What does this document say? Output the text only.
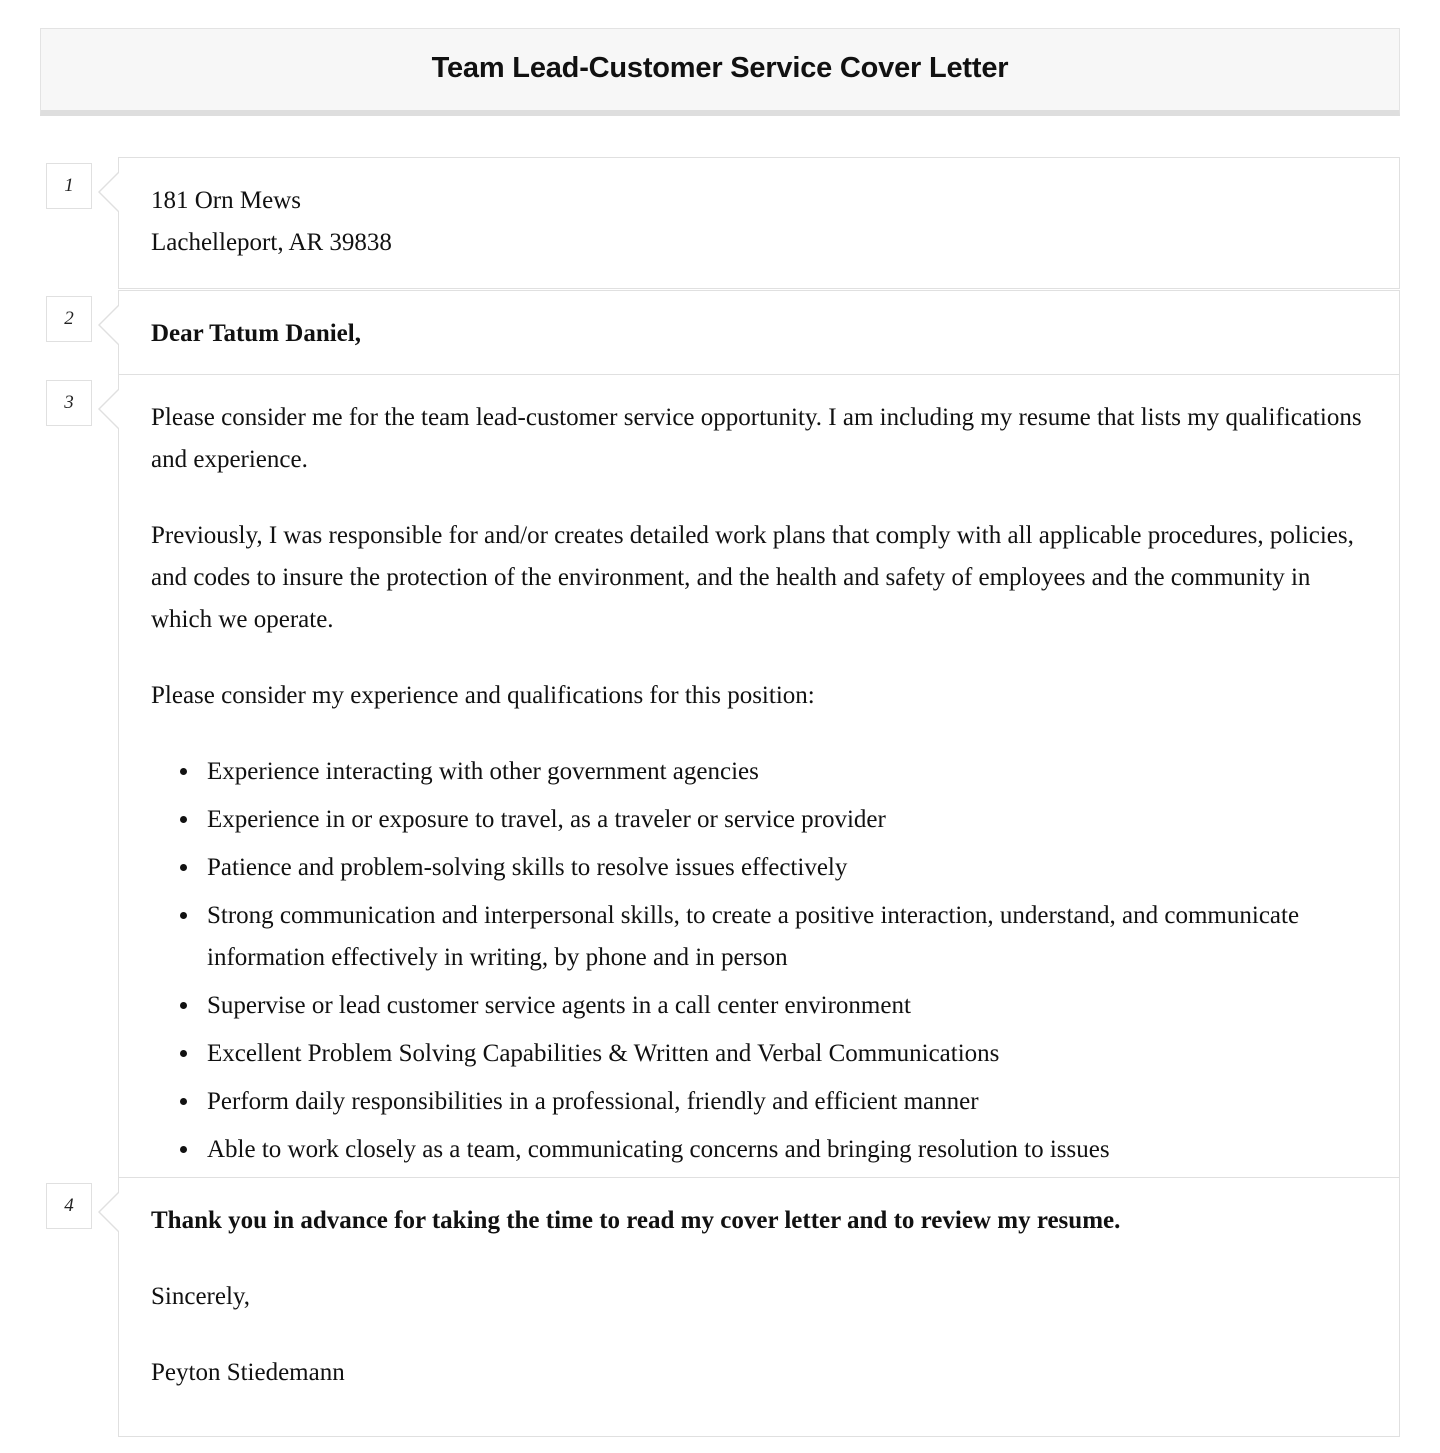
Team Lead-Customer Service Cover Letter
1
181 Orn Mews
Lachelleport, AR 39838
2
Dear Tatum Daniel,
3

Please consider me for the team lead-customer service opportunity. I am including my resume that lists my qualifications and experience.

Previously, I was responsible for and/or creates detailed work plans that comply with all applicable procedures, policies, and codes to insure the protection of the environment, and the health and safety of employees and the community in which we operate.

Please consider my experience and qualifications for this position:

• Experience interacting with other government agencies
• Experience in or exposure to travel, as a traveler or service provider
• Patience and problem-solving skills to resolve issues effectively
• Strong communication and interpersonal skills, to create a positive interaction, understand, and communicate information effectively in writing, by phone and in person
• Supervise or lead customer service agents in a call center environment
• Excellent Problem Solving Capabilities & Written and Verbal Communications
• Perform daily responsibilities in a professional, friendly and efficient manner
• Able to work closely as a team, communicating concerns and bringing resolution to issues
4

Thank you in advance for taking the time to read my cover letter and to review my resume.

Sincerely,

Peyton Stiedemann
